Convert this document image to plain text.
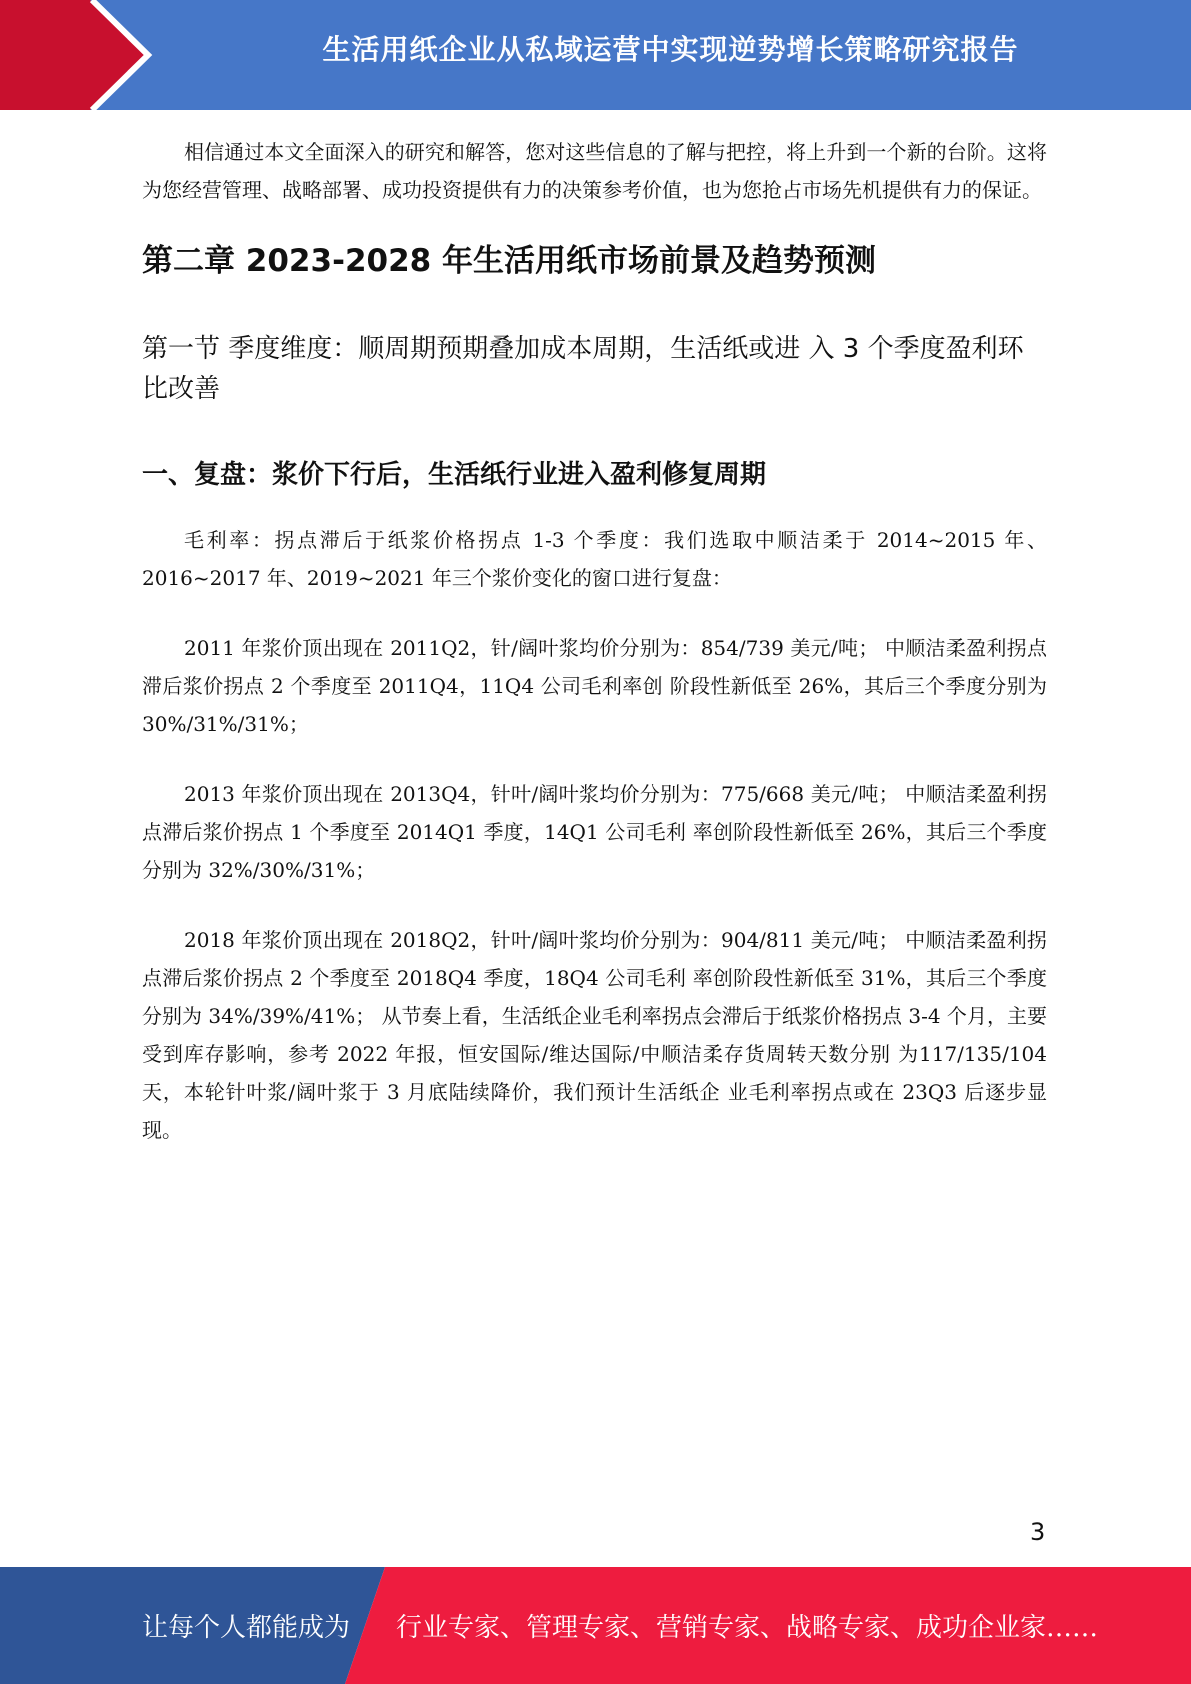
生活用纸企业从私域运营中实现逆势增长策略研究报告

相信通过本文全面深入的研究和解答，您对这些信息的了解与把控，将上升到一个新的台阶。这将为您经营管理、战略部署、成功投资提供有力的决策参考价值，也为您抢占市场先机提供有力的保证。

第二章 2023-2028 年生活用纸市场前景及趋势预测
第一节 季度维度：顺周期预期叠加成本周期，生活纸或进 入 3 个季度盈利环比改善
一、复盘：浆价下行后，生活纸行业进入盈利修复周期

毛利率：拐点滞后于纸浆价格拐点 1-3 个季度：我们选取中顺洁柔于 2014~2015 年、2016~2017 年、2019~2021 年三个浆价变化的窗口进行复盘：

2011 年浆价顶出现在 2011Q2，针/阔叶浆均价分别为：854/739 美元/吨； 中顺洁柔盈利拐点滞后浆价拐点 2 个季度至 2011Q4，11Q4 公司毛利率创 阶段性新低至 26%，其后三个季度分别为 30%/31%/31%；

2013 年浆价顶出现在 2013Q4，针叶/阔叶浆均价分别为：775/668 美元/吨； 中顺洁柔盈利拐点滞后浆价拐点 1 个季度至 2014Q1 季度，14Q1 公司毛利 率创阶段性新低至 26%，其后三个季度分别为 32%/30%/31%；

2018 年浆价顶出现在 2018Q2，针叶/阔叶浆均价分别为：904/811 美元/吨； 中顺洁柔盈利拐点滞后浆价拐点 2 个季度至 2018Q4 季度，18Q4 公司毛利 率创阶段性新低至 31%，其后三个季度分别为 34%/39%/41%； 从节奏上看，生活纸企业毛利率拐点会滞后于纸浆价格拐点 3-4 个月，主要 受到库存影响，参考 2022 年报，恒安国际/维达国际/中顺洁柔存货周转天数分别 为117/135/104 天，本轮针叶浆/阔叶浆于 3 月底陆续降价，我们预计生活纸企 业毛利率拐点或在 23Q3 后逐步显现。

3
让每个人都能成为 行业专家、管理专家、营销专家、战略专家、成功企业家……
